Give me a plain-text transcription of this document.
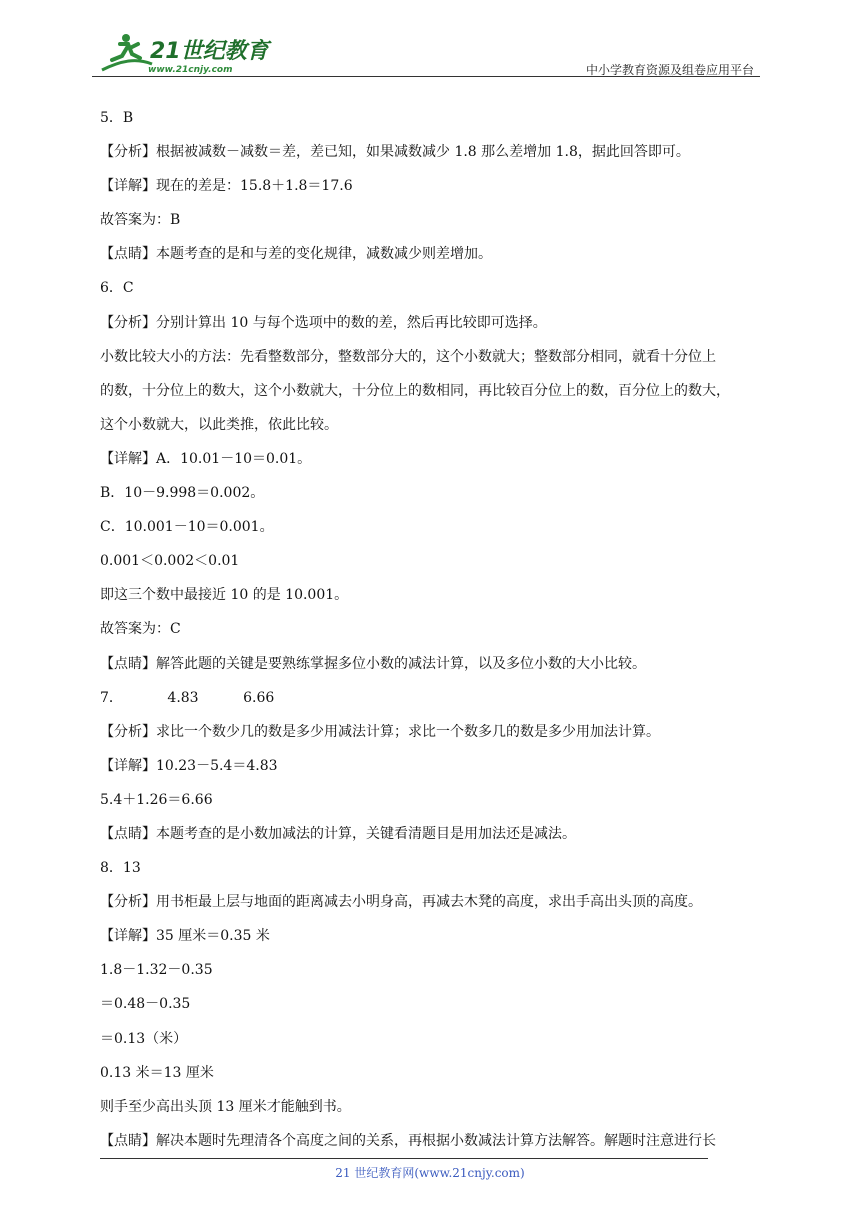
21世纪教育
www.21cnjy.com	中小学教育资源及组卷应用平台
5．B
【分析】根据被减数－减数＝差，差已知，如果减数减少 1.8 那么差增加 1.8，据此回答即可。
【详解】现在的差是：15.8＋1.8＝17.6
故答案为：B
【点睛】本题考查的是和与差的变化规律，减数减少则差增加。
6．C
【分析】分别计算出 10 与每个选项中的数的差，然后再比较即可选择。
小数比较大小的方法：先看整数部分，整数部分大的，这个小数就大；整数部分相同，就看十分位上
的数，十分位上的数大，这个小数就大，十分位上的数相同，再比较百分位上的数，百分位上的数大，
这个小数就大，以此类推，依此比较。
【详解】A．10.01－10＝0.01。
B．10－9.998＝0.002。
C．10.001－10＝0.001。
0.001＜0.002＜0.01
即这三个数中最接近 10 的是 10.001。
故答案为：C
【点睛】解答此题的关键是要熟练掌握多位小数的减法计算，以及多位小数的大小比较。
7．          4.83          6.66
【分析】求比一个数少几的数是多少用减法计算；求比一个数多几的数是多少用加法计算。
【详解】10.23－5.4＝4.83
5.4＋1.26＝6.66
【点睛】本题考查的是小数加减法的计算，关键看清题目是用加法还是减法。
8．13
【分析】用书柜最上层与地面的距离减去小明身高，再减去木凳的高度，求出手高出头顶的高度。
【详解】35 厘米＝0.35 米
1.8－1.32－0.35
＝0.48－0.35
＝0.13（米）
0.13 米＝13 厘米
则手至少高出头顶 13 厘米才能触到书。
【点睛】解决本题时先理清各个高度之间的关系，再根据小数减法计算方法解答。解题时注意进行长
21 世纪教育网(www.21cnjy.com)
